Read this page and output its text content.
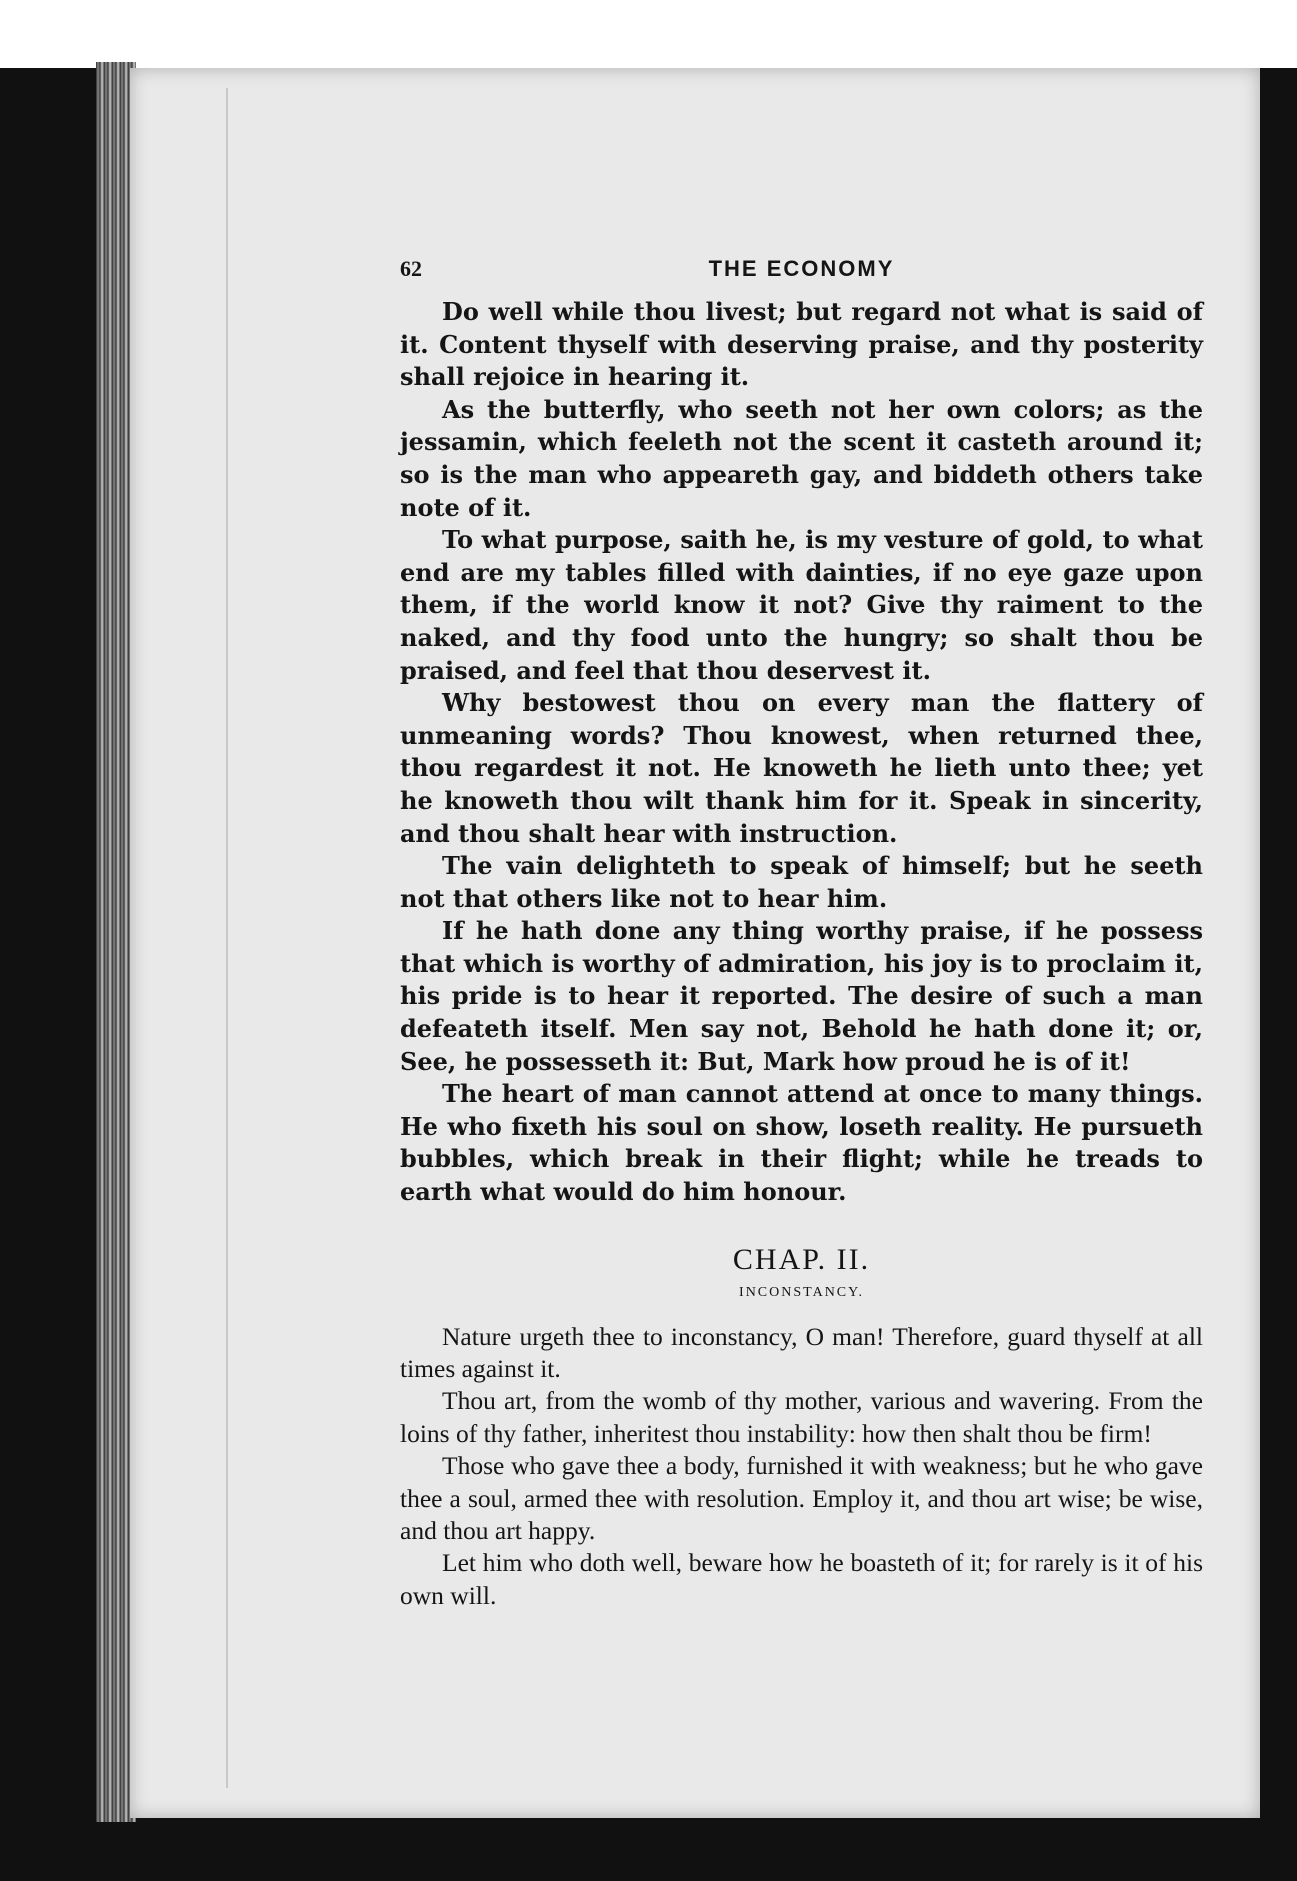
62	THE ECONOMY

Do well while thou livest; but regard not what is said of it. Content thyself with deserving praise, and thy posterity shall rejoice in hearing it.

As the butterfly, who seeth not her own colors; as the jessamin, which feeleth not the scent it casteth around it; so is the man who appeareth gay, and biddeth others take note of it.

To what purpose, saith he, is my vesture of gold, to what end are my tables filled with dainties, if no eye gaze upon them, if the world know it not? Give thy raiment to the naked, and thy food unto the hungry; so shalt thou be praised, and feel that thou deservest it.

Why bestowest thou on every man the flattery of unmeaning words? Thou knowest, when returned thee, thou regardest it not. He knoweth he lieth unto thee; yet he knoweth thou wilt thank him for it. Speak in sincerity, and thou shalt hear with instruction.

The vain delighteth to speak of himself; but he seeth not that others like not to hear him.

If he hath done any thing worthy praise, if he possess that which is worthy of admiration, his joy is to proclaim it, his pride is to hear it reported. The desire of such a man defeateth itself. Men say not, Behold he hath done it; or, See, he possesseth it: But, Mark how proud he is of it!

The heart of man cannot attend at once to many things. He who fixeth his soul on show, loseth reality. He pursueth bubbles, which break in their flight; while he treads to earth what would do him honour.

CHAP. II.
INCONSTANCY.

Nature urgeth thee to inconstancy, O man! Therefore, guard thyself at all times against it.

Thou art, from the womb of thy mother, various and wavering. From the loins of thy father, inheritest thou instability: how then shalt thou be firm!

Those who gave thee a body, furnished it with weakness; but he who gave thee a soul, armed thee with resolution. Employ it, and thou art wise; be wise, and thou art happy.

Let him who doth well, beware how he boasteth of it; for rarely is it of his own will.
